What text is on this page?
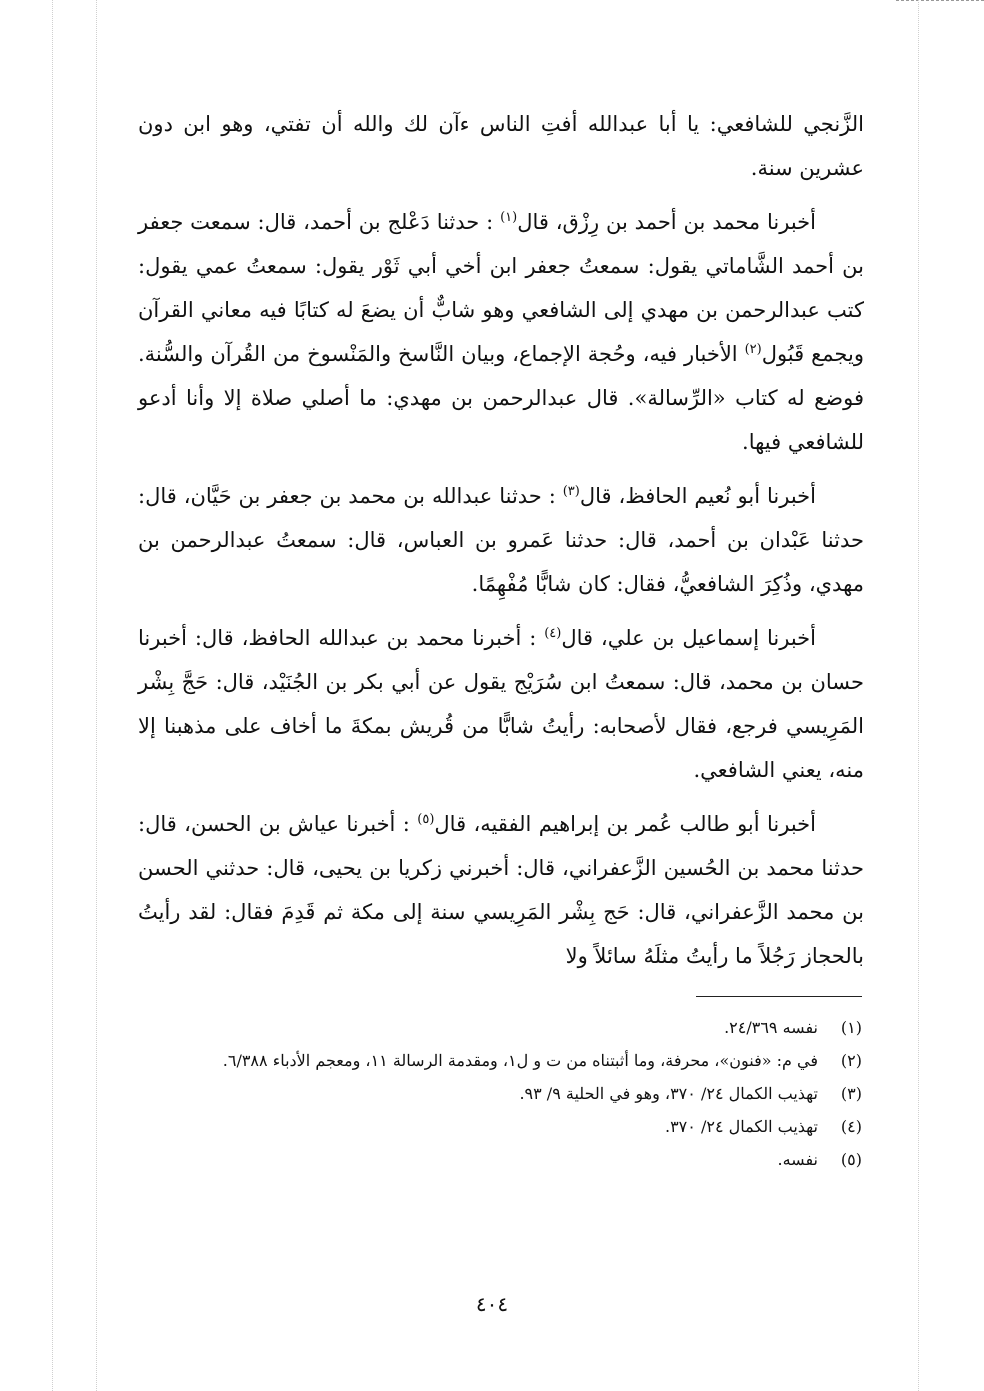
الزَّنجي للشافعي: يا أبا عبدالله أفتِ الناس ءآن لك والله أن تفتي، وهو ابن دون عشرين سنة.

أخبرنا محمد بن أحمد بن رِزْق، قال$^{(١)}$ : حدثنا دَعْلج بن أحمد، قال: سمعت جعفر بن أحمد الشَّاماتي يقول: سمعتُ جعفر ابن أخي أبي ثَوْر يقول: سمعتُ عمي يقول: كتب عبدالرحمن بن مهدي إلى الشافعي وهو شابٌّ أن يضعَ له كتابًا فيه معاني القرآن ويجمع قَبُول$^{(٢)}$ الأخبار فيه، وحُجة الإجماع، وبيان النَّاسخ والمَنْسوخ من القُرآن والسُّنة. فوضع له كتاب «الرِّسالة». قال عبدالرحمن بن مهدي: ما أصلي صلاة إلا وأنا أدعو للشافعي فيها.

أخبرنا أبو نُعيم الحافظ، قال$^{(٣)}$ : حدثنا عبدالله بن محمد بن جعفر بن حَيَّان، قال: حدثنا عَبْدان بن أحمد، قال: حدثنا عَمرو بن العباس، قال: سمعتُ عبدالرحمن بن مهدي، وذُكِرَ الشافعيُّ، فقال: كان شابًّا مُفْهِمًا.

أخبرنا إسماعيل بن علي، قال$^{(٤)}$ : أخبرنا محمد بن عبدالله الحافظ، قال: أخبرنا حسان بن محمد، قال: سمعتُ ابن سُرَيْج يقول عن أبي بكر بن الجُنَيْد، قال: حَجَّ بِشْر المَرِيسي فرجع، فقال لأصحابه: رأيتُ شابًّا من قُريش بمكةَ ما أخاف على مذهبنا إلا منه، يعني الشافعي.

أخبرنا أبو طالب عُمر بن إبراهيم الفقيه، قال$^{(٥)}$ : أخبرنا عياش بن الحسن، قال: حدثنا محمد بن الحُسين الزَّعفراني، قال: أخبرني زكريا بن يحيى، قال: حدثني الحسن بن محمد الزَّعفراني، قال: حَج بِشْر المَرِيسي سنة إلى مكة ثم قَدِمَ فقال: لقد رأيتُ بالحجاز رَجُلاً ما رأيتُ مثلَهُ سائلاً ولا

(١)
نفسه ٢٤/٣٦٩.
(٢)
في م: «فنون»، محرفة، وما أثبتناه من ت و ل١، ومقدمة الرسالة ١١، ومعجم الأدباء ٦/٣٨٨.
(٣)
تهذيب الكمال ٢٤/ ٣٧٠، وهو في الحلية ٩/ ٩٣.
(٤)
تهذيب الكمال ٢٤/ ٣٧٠.
(٥)
نفسه.
٤٠٤
